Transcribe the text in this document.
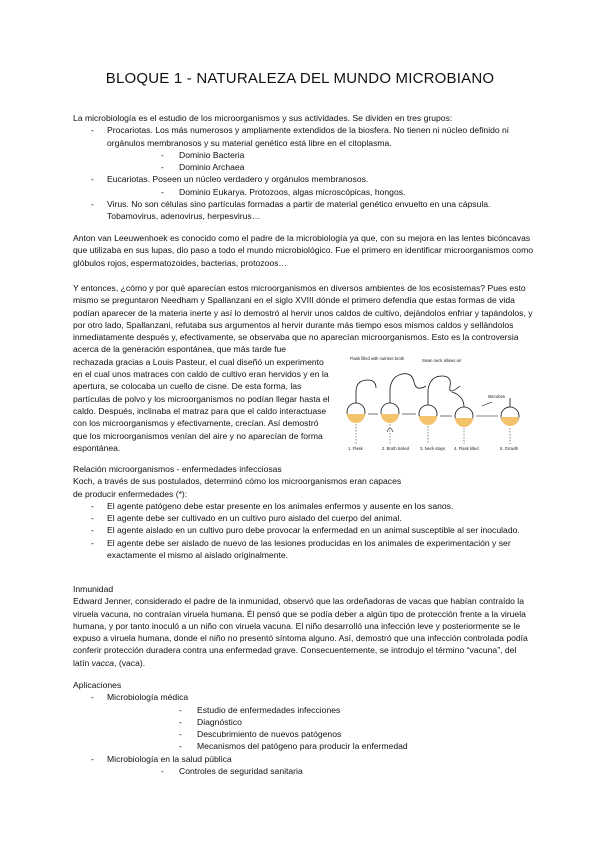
BLOQUE 1 - NATURALEZA DEL MUNDO MICROBIANO

La microbiología es el estudio de los microorganismos y sus actividades. Se dividen en tres grupos:

- Procariotas. Los más numerosos y ampliamente extendidos de la biosfera. No tienen ni núcleo definido ni orgánulos membranosos y su material genético está libre en el citoplasma.
- Dominio Bacteria
- Dominio Archaea
- Eucariotas. Poseen un núcleo verdadero y orgánulos membranosos.
- Dominio Eukarya. Protozoos, algas microscópicas, hongos.
- Virus. No son células sino partículas formadas a partir de material genético envuelto en una cápsula. Tobamovirus, adenovirus, herpesvirus…

Anton van Leeuwenhoek es conocido como el padre de la microbiología ya que, con su mejora en las lentes bicóncavas que utilizaba en sus lupas, dio paso a todo el mundo microbiológico. Fue el primero en identificar microorganismos como glóbulos rojos, espermatozoides, bacterias, protozoos…

Y entonces, ¿cómo y por qué aparecían estos microorganismos en diversos ambientes de los ecosistemas? Pues esto mismo se preguntaron Needham y Spallanzani en el siglo XVIII dónde el primero defendía que estas formas de vida podían aparecer de la materia inerte y así lo demostró al hervir unos caldos de cultivo, dejándolos enfriar y tapándolos, y por otro lado, Spallanzani, refutaba sus argumentos al hervir durante más tiempo esos mismos caldos y sellándolos inmediatamente después y, efectivamente, se observaba que no aparecían microorganismos. Esto es la controversia acerca de la generación espontánea, que más tarde fue

rechazada gracias a Louis Pasteur, el cual diseñó un experimento en el cual unos matraces con caldo de cultivo eran hervidos y en la apertura, se colocaba un cuello de cisne. De esta forma, las partículas de polvo y los microorganismos no podían llegar hasta el caldo. Después, inclinaba el matraz para que el caldo interactuase con los microorganismos y efectivamente, crecían. Así demostró que los microorganismos venían del aire y no aparecían de forma espontánea.

Flask filled with nutrient broth	Swan neck allows air
Microbes
1. Flask	2. Broth boiled	3. Neck stays 4. Flask tilted	5. Growth

Relación microorganismos - enfermedades infecciosas

Koch, a través de sus postulados, determinó cómo los microorganismos eran capaces de producir enfermedades (*):

- El agente patógeno debe estar presente en los animales enfermos y ausente en los sanos.
- El agente debe ser cultivado en un cultivo puro aislado del cuerpo del animal.
- El agente aislado en un cultivo puro debe provocar la enfermedad en un animal susceptible al ser inoculado.
- El agente debe ser aislado de nuevo de las lesiones producidas en los animales de experimentación y ser exactamente el mismo al aislado originalmente.

Inmunidad

Edward Jenner, considerado el padre de la inmunidad, observó que las ordeñadoras de vacas que habían contraído la viruela vacuna, no contraían viruela humana. Él pensó que se podía deber a algún tipo de protección frente a la viruela humana, y por tanto inoculó a un niño con viruela vacuna. El niño desarrolló una infección leve y posteriormente se le expuso a viruela humana, donde el niño no presentó síntoma alguno. Así, demostró que una infección controlada podía conferir protección duradera contra una enfermedad grave. Consecuentemente, se introdujo el término “vacuna”, del latín vacca, (vaca).

Aplicaciones

- Microbiología médica
- Estudio de enfermedades infecciones
- Diagnóstico
- Descubrimiento de nuevos patógenos
- Mecanismos del patógeno para producir la enfermedad
- Microbiología en la salud pública
- Controles de seguridad sanitaria
